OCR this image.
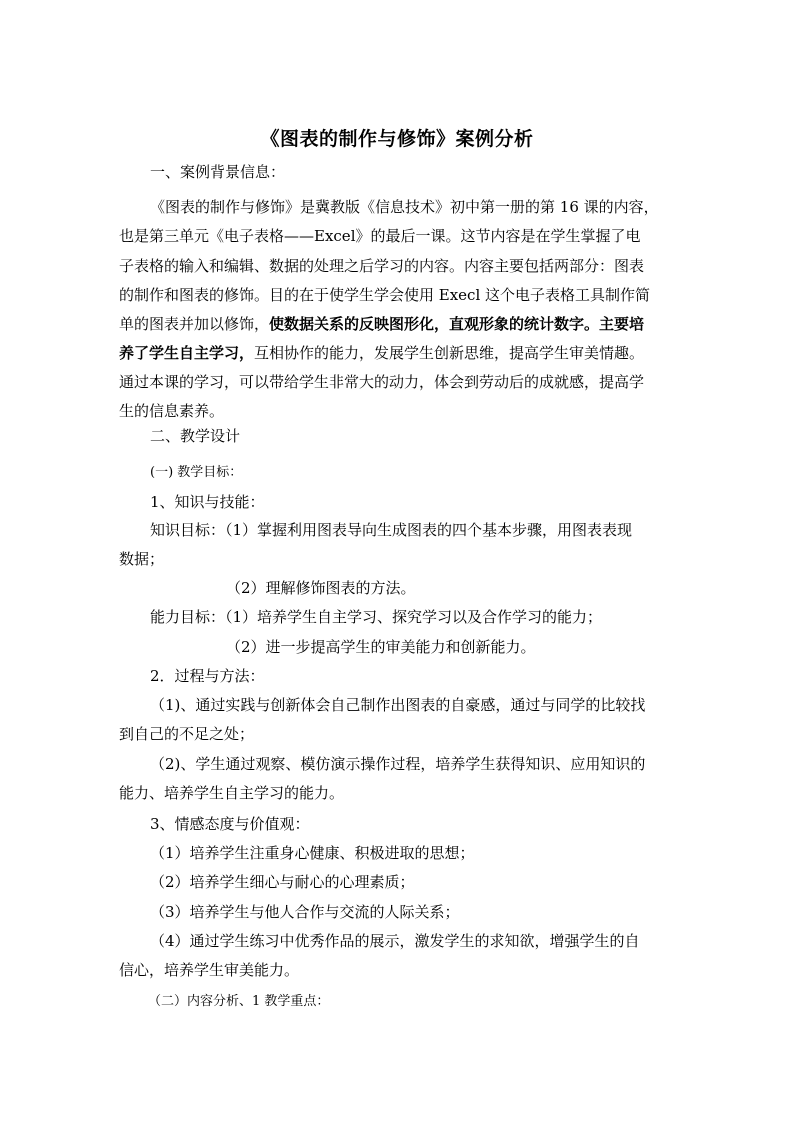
《图表的制作与修饰》案例分析
一、案例背景信息：
《图表的制作与修饰》是冀教版《信息技术》初中第一册的第 16 课的内容，
也是第三单元《电子表格——Excel》的最后一课。这节内容是在学生掌握了电
子表格的输入和编辑、数据的处理之后学习的内容。内容主要包括两部分：图表
的制作和图表的修饰。目的在于使学生学会使用 Execl 这个电子表格工具制作简
单的图表并加以修饰，使数据关系的反映图形化，直观形象的统计数字。主要培
养了学生自主学习，互相协作的能力，发展学生创新思维，提高学生审美情趣。
通过本课的学习，可以带给学生非常大的动力，体会到劳动后的成就感，提高学
生的信息素养。
二、教学设计
(一) 教学目标：
1、知识与技能：
知识目标：（1）掌握利用图表导向生成图表的四个基本步骤，用图表表现
数据；
（2）理解修饰图表的方法。
能力目标：（1）培养学生自主学习、探究学习以及合作学习的能力；
（2）进一步提高学生的审美能力和创新能力。
2．过程与方法：
（1)、通过实践与创新体会自己制作出图表的自豪感，通过与同学的比较找
到自己的不足之处；
（2)、学生通过观察、模仿演示操作过程，培养学生获得知识、应用知识的
能力、培养学生自主学习的能力。
3、情感态度与价值观：
（1）培养学生注重身心健康、积极进取的思想；
（2）培养学生细心与耐心的心理素质；
（3）培养学生与他人合作与交流的人际关系；
（4）通过学生练习中优秀作品的展示，激发学生的求知欲，增强学生的自
信心，培养学生审美能力。
（二）内容分析、1 教学重点：
